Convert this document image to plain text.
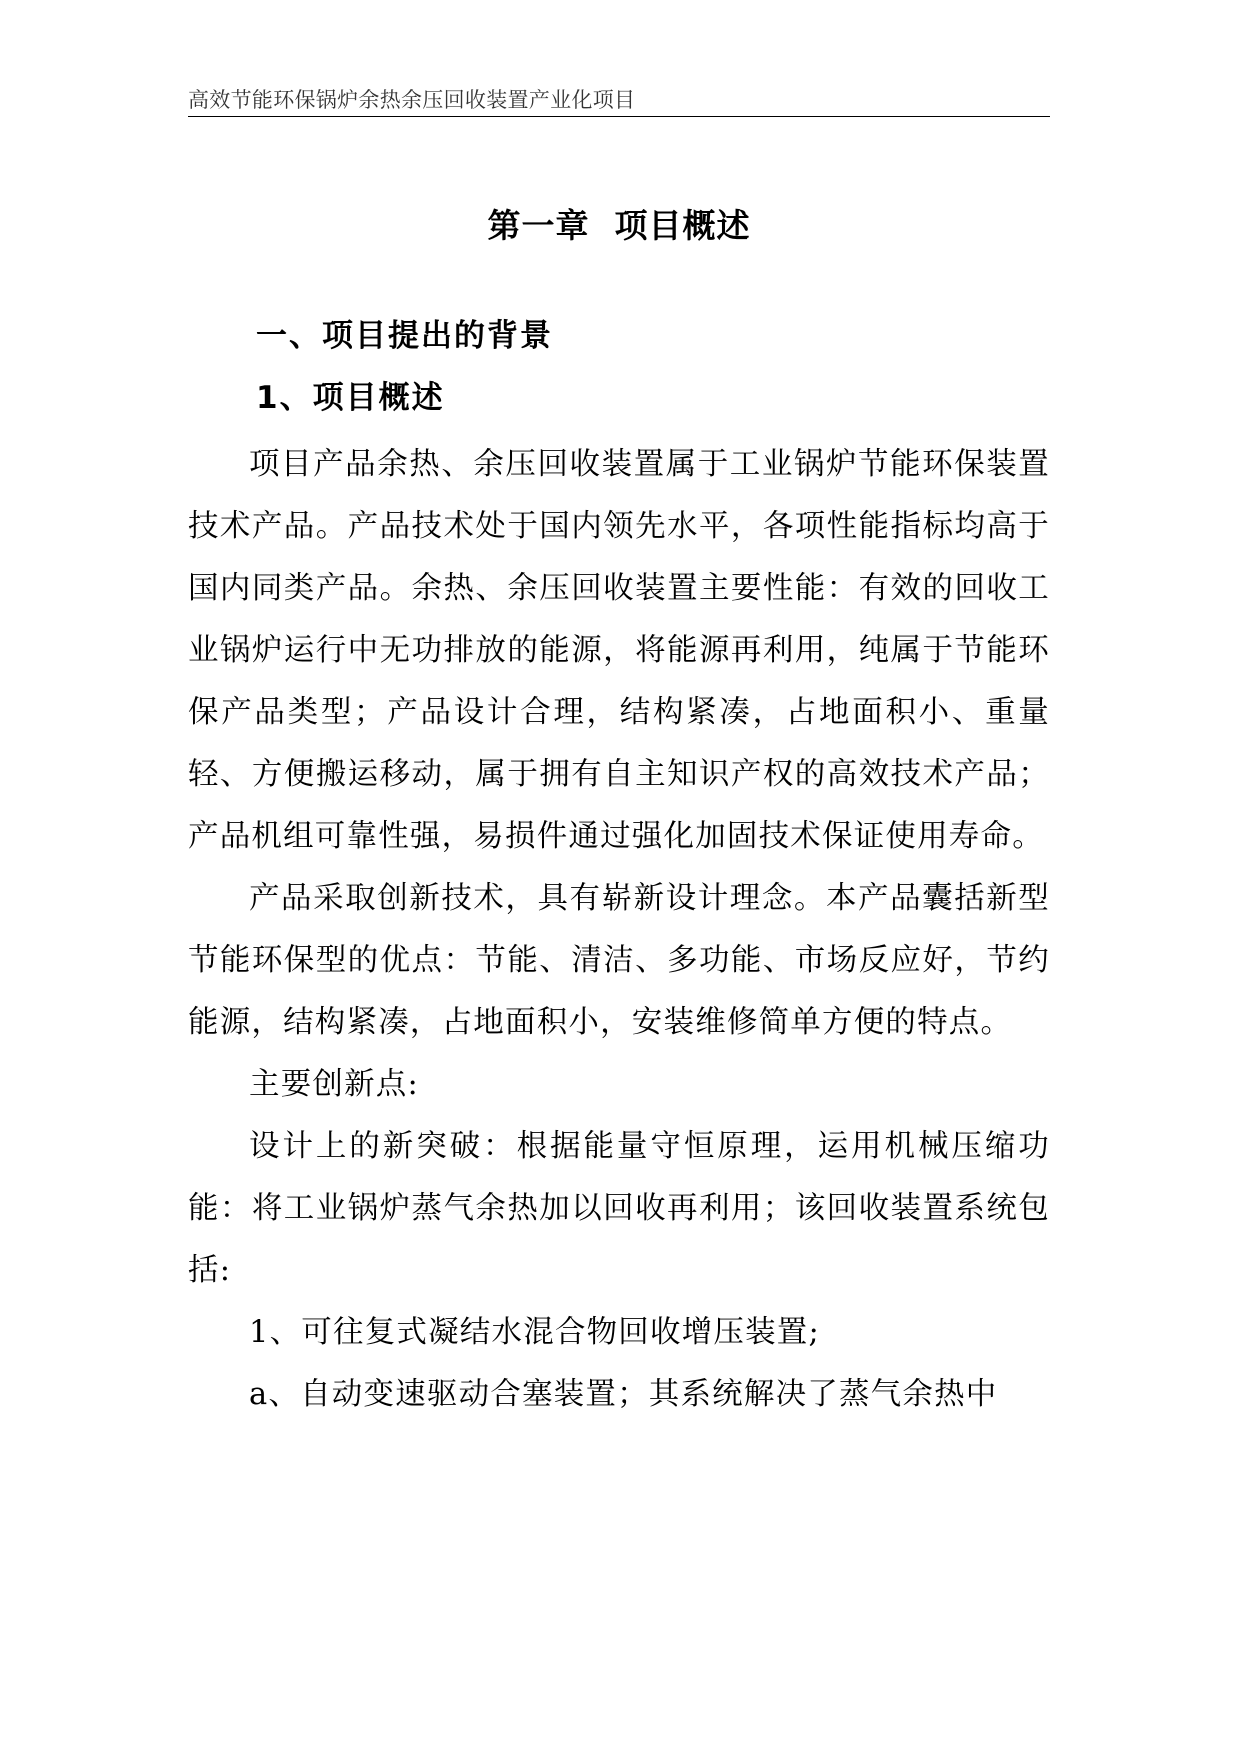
高效节能环保锅炉余热余压回收装置产业化项目
第一章  项目概述
一、项目提出的背景
1、项目概述

项目产品余热、余压回收装置属于工业锅炉节能环保装置技术产品。产品技术处于国内领先水平，各项性能指标均高于国内同类产品。余热、余压回收装置主要性能：有效的回收工业锅炉运行中无功排放的能源，将能源再利用，纯属于节能环保产品类型；产品设计合理，结构紧凑，占地面积小、重量轻、方便搬运移动，属于拥有自主知识产权的高效技术产品；产品机组可靠性强，易损件通过强化加固技术保证使用寿命。

产品采取创新技术，具有崭新设计理念。本产品囊括新型节能环保型的优点：节能、清洁、多功能、市场反应好，节约能源，结构紧凑，占地面积小，安装维修简单方便的特点。

主要创新点:

设计上的新突破：根据能量守恒原理，运用机械压缩功能：将工业锅炉蒸气余热加以回收再利用；该回收装置系统包括:

1、可往复式凝结水混合物回收增压装置;

a、自动变速驱动合塞装置；其系统解决了蒸气余热中
